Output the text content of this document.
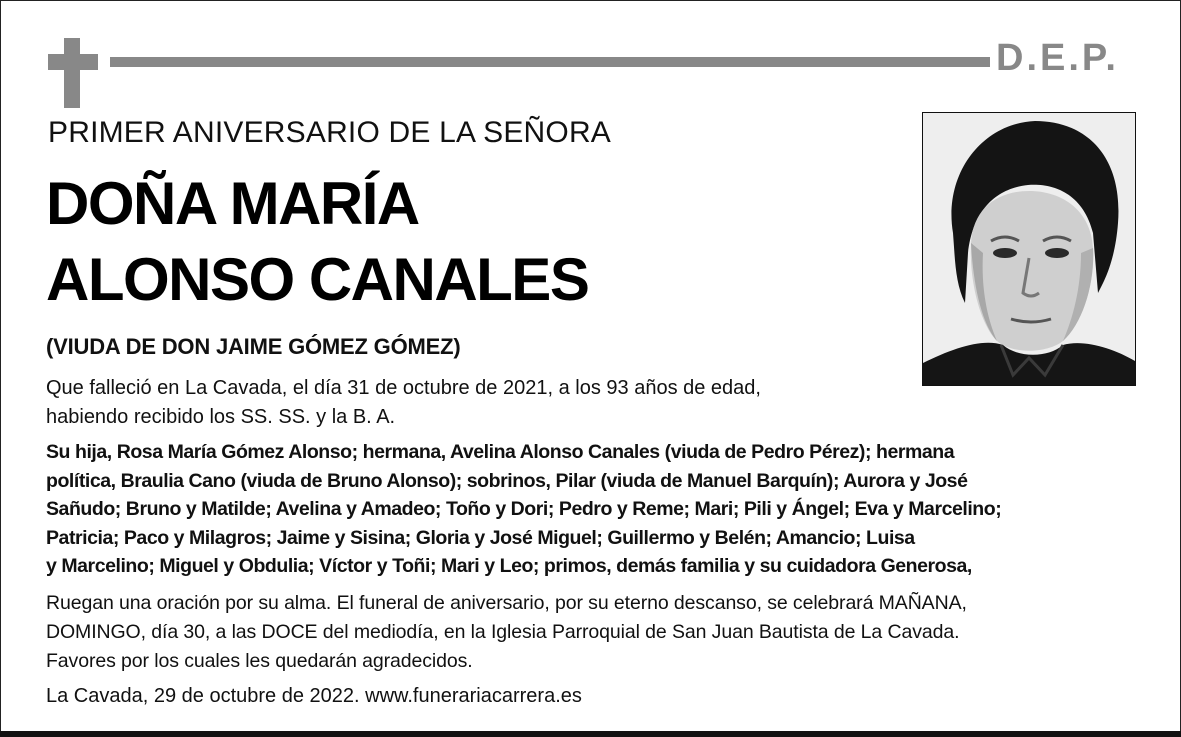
D.E.P.
PRIMER ANIVERSARIO DE LA SEÑORA
DOÑA MARÍA
ALONSO CANALES
(VIUDA DE DON JAIME GÓMEZ GÓMEZ)
Que falleció en La Cavada, el día 31 de octubre de 2021, a los 93 años de edad,
habiendo recibido los SS. SS. y la B. A.

Su hija, Rosa María Gómez Alonso; hermana, Avelina Alonso Canales (viuda de Pedro Pérez); hermana

política, Braulia Cano (viuda de Bruno Alonso); sobrinos, Pilar (viuda de Manuel Barquín); Aurora y José

Sañudo; Bruno y Matilde; Avelina y Amadeo; Toño y Dori; Pedro y Reme; Mari; Pili y Ángel; Eva y Marcelino;

Patricia; Paco y Milagros; Jaime y Sisina; Gloria y José Miguel; Guillermo y Belén; Amancio; Luisa

y Marcelino; Miguel y Obdulia; Víctor y Toñi; Mari y Leo; primos, demás familia y su cuidadora Generosa,

Ruegan una oración por su alma. El funeral de aniversario, por su eterno descanso, se celebrará MAÑANA,

DOMINGO, día 30, a las DOCE del mediodía, en la Iglesia Parroquial de San Juan Bautista de La Cavada.

Favores por los cuales les quedarán agradecidos.

La Cavada, 29 de octubre de 2022. www.funerariacarrera.es
